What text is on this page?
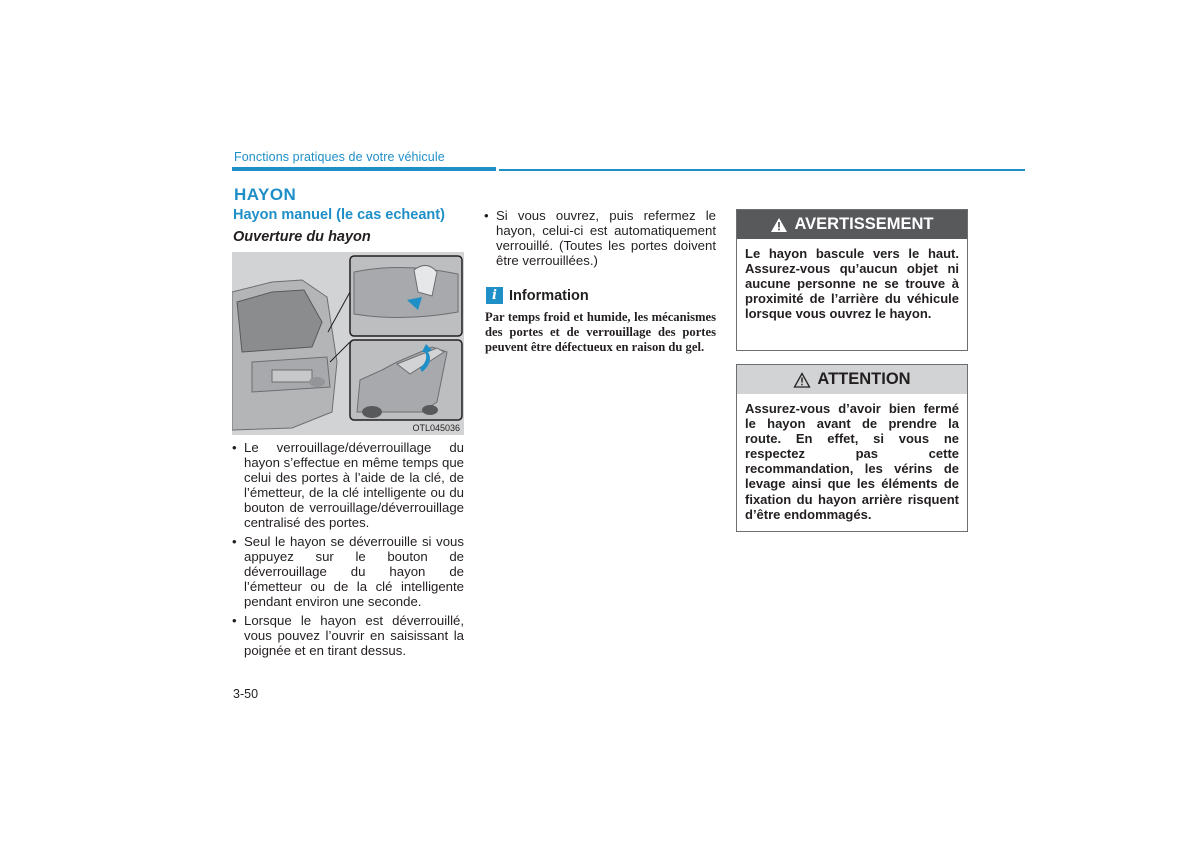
Fonctions pratiques de votre véhicule
HAYON
Hayon manuel (le cas echeant)
Ouverture du hayon
OTL045036
• Le verrouillage/déverrouillage du hayon s’effectue en même temps que celui des portes à l’aide de la clé, de l’émetteur, de la clé intelligente ou du bouton de verrouillage/déverrouillage centralisé des portes.
• Seul le hayon se déverrouille si vous appuyez sur le bouton de déverrouillage du hayon de l’émetteur ou de la clé intelligente pendant environ une seconde.
• Lorsque le hayon est déverrouillé, vous pouvez l’ouvrir en saisissant la poignée et en tirant dessus.
• Si vous ouvrez, puis refermez le hayon, celui-ci est automatiquement verrouillé. (Toutes les portes doivent être verrouillées.)
i Information
Par temps froid et humide, les mécanismes des portes et de verrouillage des portes peuvent être défectueux en raison du gel.
AVERTISSEMENT
Le hayon bascule vers le haut. Assurez-vous qu’aucun objet ni aucune personne ne se trouve à proximité de l’arrière du véhicule lorsque vous ouvrez le hayon.
ATTENTION
Assurez-vous d’avoir bien fermé le hayon avant de prendre la route. En effet, si vous ne respectez pas cette recommandation, les vérins de levage ainsi que les éléments de fixation du hayon arrière risquent d’être endommagés.
3-50
